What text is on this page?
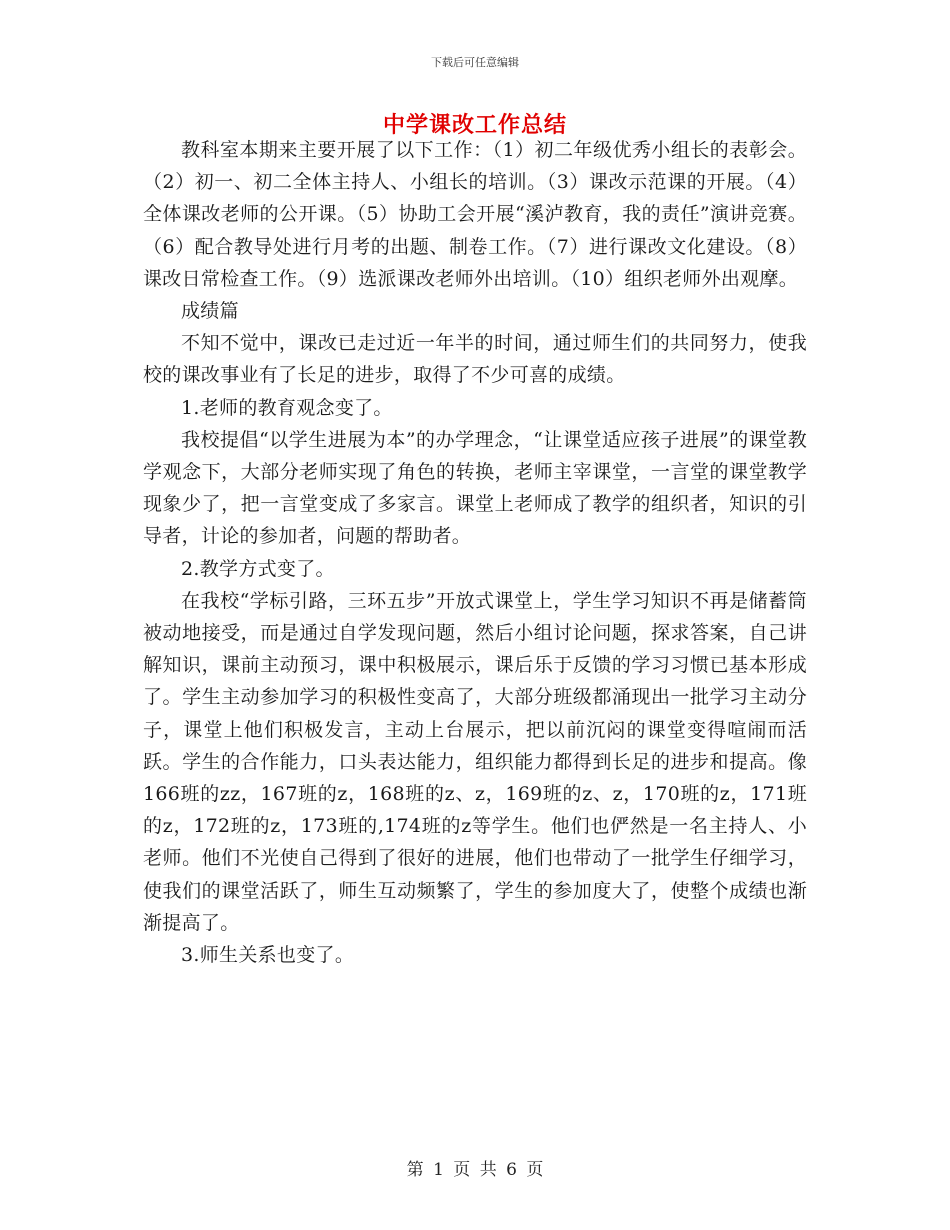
下载后可任意编辑
中学课改工作总结

教科室本期来主要开展了以下工作：（1）初二年级优秀小组长的表彰会。（2）初一、初二全体主持人、小组长的培训。（3）课改示范课的开展。（4）全体课改老师的公开课。（5）协助工会开展“溪泸教育，我的责任”演讲竞赛。（6）配合教导处进行月考的出题、制卷工作。（7）进行课改文化建设。（8）课改日常检查工作。（9）选派课改老师外出培训。（10）组织老师外出观摩。

成绩篇

不知不觉中，课改已走过近一年半的时间，通过师生们的共同努力，使我校的课改事业有了长足的进步，取得了不少可喜的成绩。

1.老师的教育观念变了。

我校提倡“以学生进展为本”的办学理念，“让课堂适应孩子进展”的课堂教学观念下，大部分老师实现了角色的转换，老师主宰课堂，一言堂的课堂教学现象少了，把一言堂变成了多家言。课堂上老师成了教学的组织者，知识的引导者，计论的参加者，问题的帮助者。

2.教学方式变了。

在我校“学标引路，三环五步”开放式课堂上，学生学习知识不再是储蓄筒被动地接受，而是通过自学发现问题，然后小组讨论问题，探求答案，自己讲解知识，课前主动预习，课中积极展示，课后乐于反馈的学习习惯已基本形成了。学生主动参加学习的积极性变高了，大部分班级都涌现出一批学习主动分子，课堂上他们积极发言，主动上台展示，把以前沉闷的课堂变得喧闹而活跃。学生的合作能力，口头表达能力，组织能力都得到长足的进步和提高。像166班的zz，167班的z，168班的z、z，169班的z、z，170班的z，171班的z，172班的z，173班的,174班的z等学生。他们也俨然是一名主持人、小老师。他们不光使自己得到了很好的进展，他们也带动了一批学生仔细学习，使我们的课堂活跃了，师生互动频繁了，学生的参加度大了，使整个成绩也渐渐提高了。

3.师生关系也变了。

第 1 页 共 6 页
